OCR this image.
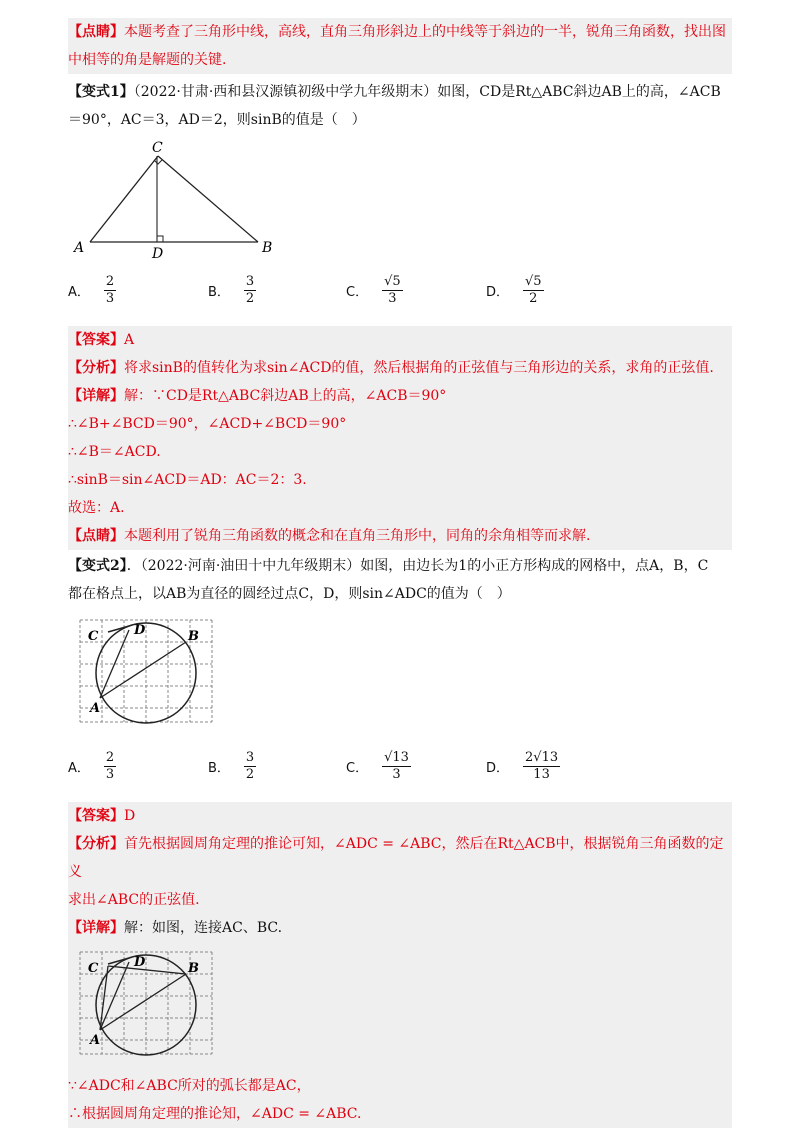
【点睛】本题考查了三角形中线，高线，直角三角形斜边上的中线等于斜边的一半，锐角三角函数，找出图中相等的角是解题的关键.
【变式1】（2022·甘肃·西和县汉源镇初级中学九年级期末）如图，CD是Rt△ABC斜边AB上的高，∠ACB
＝90°，AC＝3，AD＝2，则sinB的值是（　）
C
A	D	B
A． $\frac{2}{3}$	B． $\frac{3}{2}$	C． $\frac{√5}{3}$	D． $\frac{√5}{2}$
【答案】A
【分析】将求sinB的值转化为求sin∠ACD的值，然后根据角的正弦值与三角形边的关系，求角的正弦值.
【详解】解：∵CD是Rt△ABC斜边AB上的高，∠ACB＝90°
∴∠B+∠BCD＝90°，∠ACD+∠BCD＝90°
∴∠B＝∠ACD.
∴sinB＝sin∠ACD＝AD：AC＝2：3.
故选：A.
【点睛】本题利用了锐角三角函数的概念和在直角三角形中，同角的余角相等而求解.
【变式2】．（2022·河南·油田十中九年级期末）如图，由边长为1的小正方形构成的网格中，点A，B，C
都在格点上，以AB为直径的圆经过点C，D，则sin∠ADC的值为（　）
C	D	B
A
A． $\frac{2}{3}$	B． $\frac{3}{2}$	C． $\frac{√13}{3}$	D． $\frac{2√13}{13}$
【答案】D
【分析】首先根据圆周角定理的推论可知，∠ADC = ∠ABC，然后在Rt△ACB中，根据锐角三角函数的定义
求出∠ABC的正弦值.
【详解】解：如图，连接AC、BC.
C	D	B
A
∵∠ADC和∠ABC所对的弧长都是AC，
∴根据圆周角定理的推论知，∠ADC = ∠ABC.
